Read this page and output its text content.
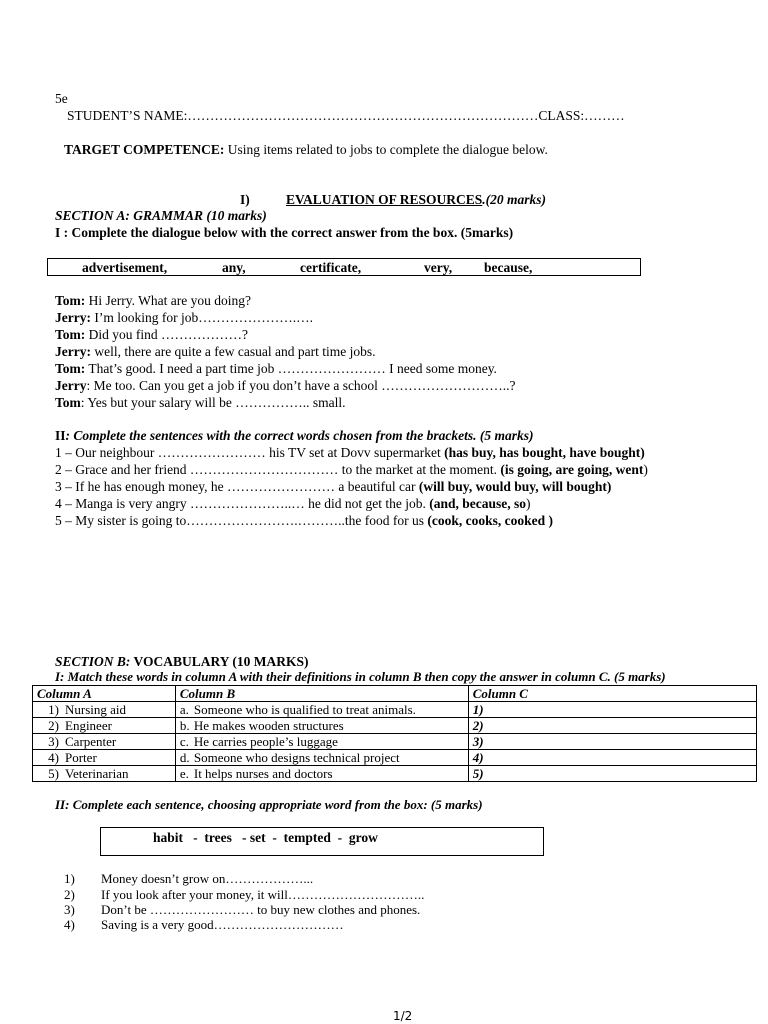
5e
STUDENT’S NAME:……………………………………………………………………CLASS:………
TARGET COMPETENCE: Using items related to jobs to complete the dialogue below.
I)	EVALUATION OF RESOURCES.(20 marks)
SECTION A: GRAMMAR (10 marks)
I : Complete the dialogue below with the correct answer from the box. (5marks)
advertisement,	any,	certificate,	very, because,
Tom: Hi Jerry. What are you doing?
Jerry: I’m looking for job………………….….
Tom: Did you find ………………?
Jerry: well, there are quite a few casual and part time jobs.
Tom: That’s good. I need a part time job …………………… I need some money.
Jerry: Me too. Can you get a job if you don’t have a school ………………………..?
Tom: Yes but your salary will be …………….. small.
II: Complete the sentences with the correct words chosen from the brackets. (5 marks)
1 – Our neighbour …………………… his TV set at Dovv supermarket (has buy, has bought, have bought)
2 – Grace and her friend …………………………… to the market at the moment. (is going, are going, went)
3 – If he has enough money, he …………………… a beautiful car (will buy, would buy, will bought)
4 – Manga is very angry …………………..… he did not get the job. (and, because, so)
5 – My sister is going to…………………….………..the food for us (cook, cooks, cooked )
SECTION B: VOCABULARY (10 MARKS)
I: Match these words in column A with their definitions in column B then copy the answer in column C. (5 marks)
Column A	Column B	Column C
1) Nursing aid	a. Someone who is qualified to treat animals.	1)
2) Engineer	b. He makes wooden structures	2)
3) Carpenter	c. He carries people’s luggage	3)
4) Porter	d. Someone who designs technical project	4)
5) Veterinarian	e. It helps nurses and doctors	5)
II: Complete each sentence, choosing appropriate word from the box: (5 marks)
habit   -  trees   - set  -  tempted  -  grow
1) Money doesn’t grow on………………...
2) If you look after your money, it will…………………………..
3) Don’t be …………………… to buy new clothes and phones.
4) Saving is a very good…………………………
1/2
